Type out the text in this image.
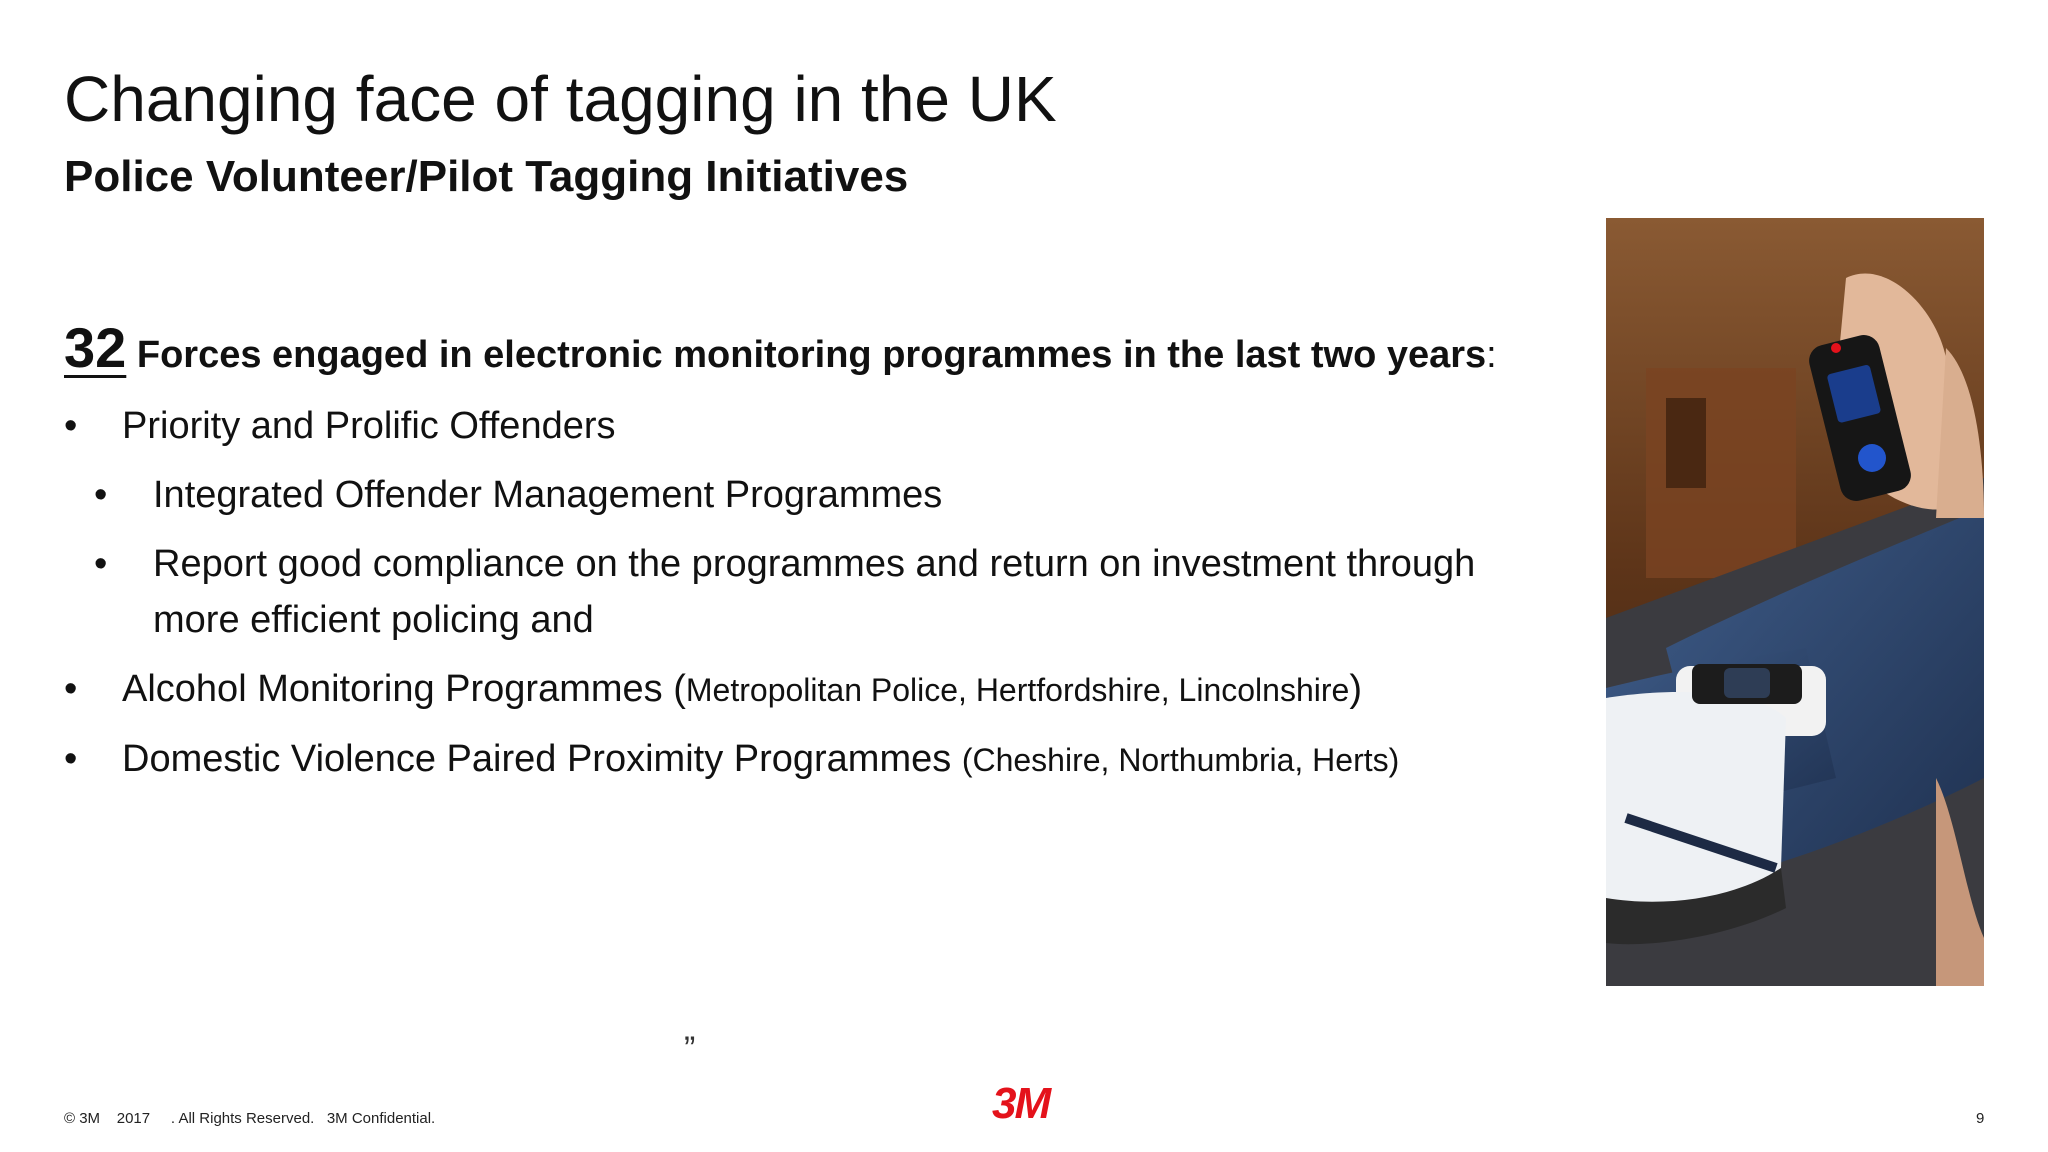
Changing face of tagging in the UK
Police Volunteer/Pilot Tagging Initiatives
32 Forces engaged in electronic monitoring programmes in the last two years:
• Priority and Prolific Offenders
• Integrated Offender Management Programmes
• Report good compliance on the programmes and return on investment through more efficient policing and
• Alcohol Monitoring Programmes (Metropolitan Police, Hertfordshire, Lincolnshire)
• Domestic Violence Paired Proximity Programmes (Cheshire, Northumbria, Herts)
”
© 3M    2017     . All Rights Reserved.   3M Confidential.	3M	9
